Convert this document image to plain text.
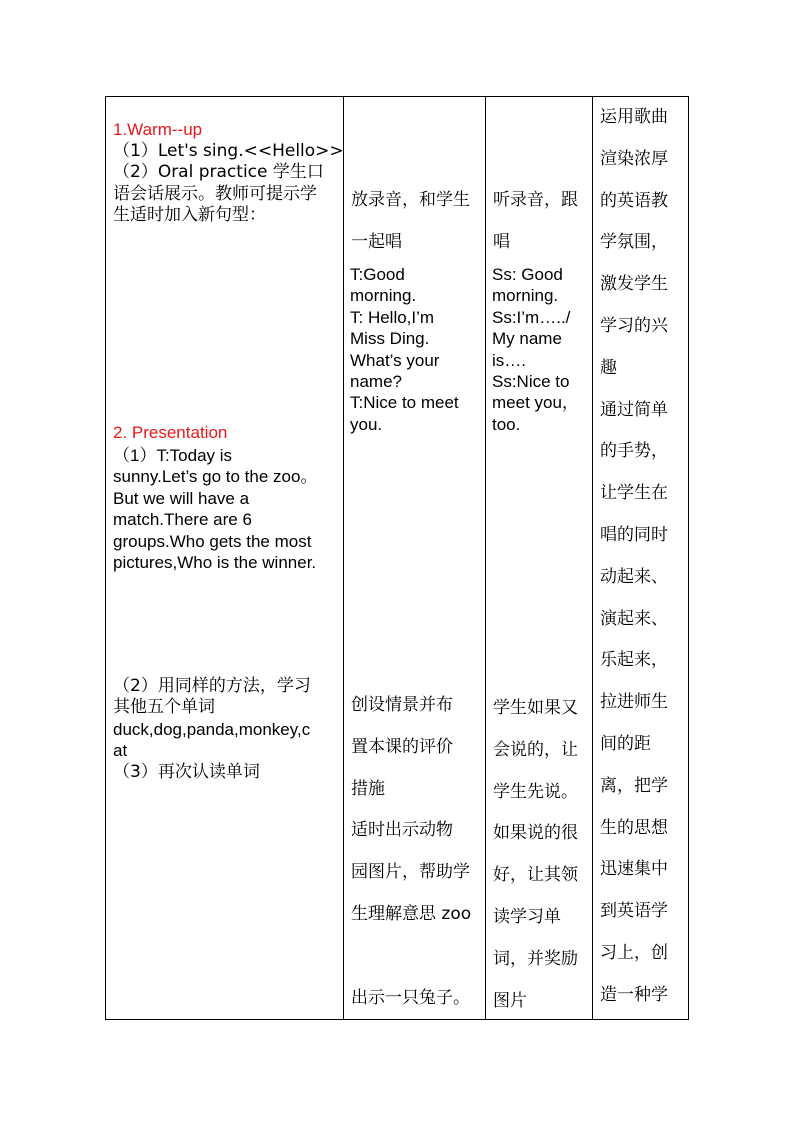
1.Warm--up
（1）Let's sing.<<Hello>>
（2）Oral practice 学生口
语会话展示。教师可提示学
生适时加入新句型：
2. Presentation
（1）T:Today is
sunny.Let’s go to the zoo。
But we will have a
match.There are 6
groups.Who gets the most
pictures,Who is the winner.
（2）用同样的方法，学习
其他五个单词
duck,dog,panda,monkey,c
at
（3）再次认读单词
放录音，和学生
一起唱
T:Good
morning.
T: Hello,I’m
Miss Ding.
What’s your
name?
T:Nice to meet
you.
创设情景并布
置本课的评价
措施
适时出示动物
园图片，帮助学
生理解意思 zoo

出示一只兔子。
听录音，跟
唱
Ss: Good
morning.
Ss:I’m…../
My name
is….
Ss:Nice to
meet you，
too.
学生如果又
会说的，让
学生先说。
如果说的很
好，让其领
读学习单
词，并奖励
图片
运用歌曲
渲染浓厚
的英语教
学氛围，
激发学生
学习的兴
趣
通过简单
的手势，
让学生在
唱的同时
动起来、
演起来、
乐起来，
拉进师生
间的距
离，把学
生的思想
迅速集中
到英语学
习上，创
造一种学
